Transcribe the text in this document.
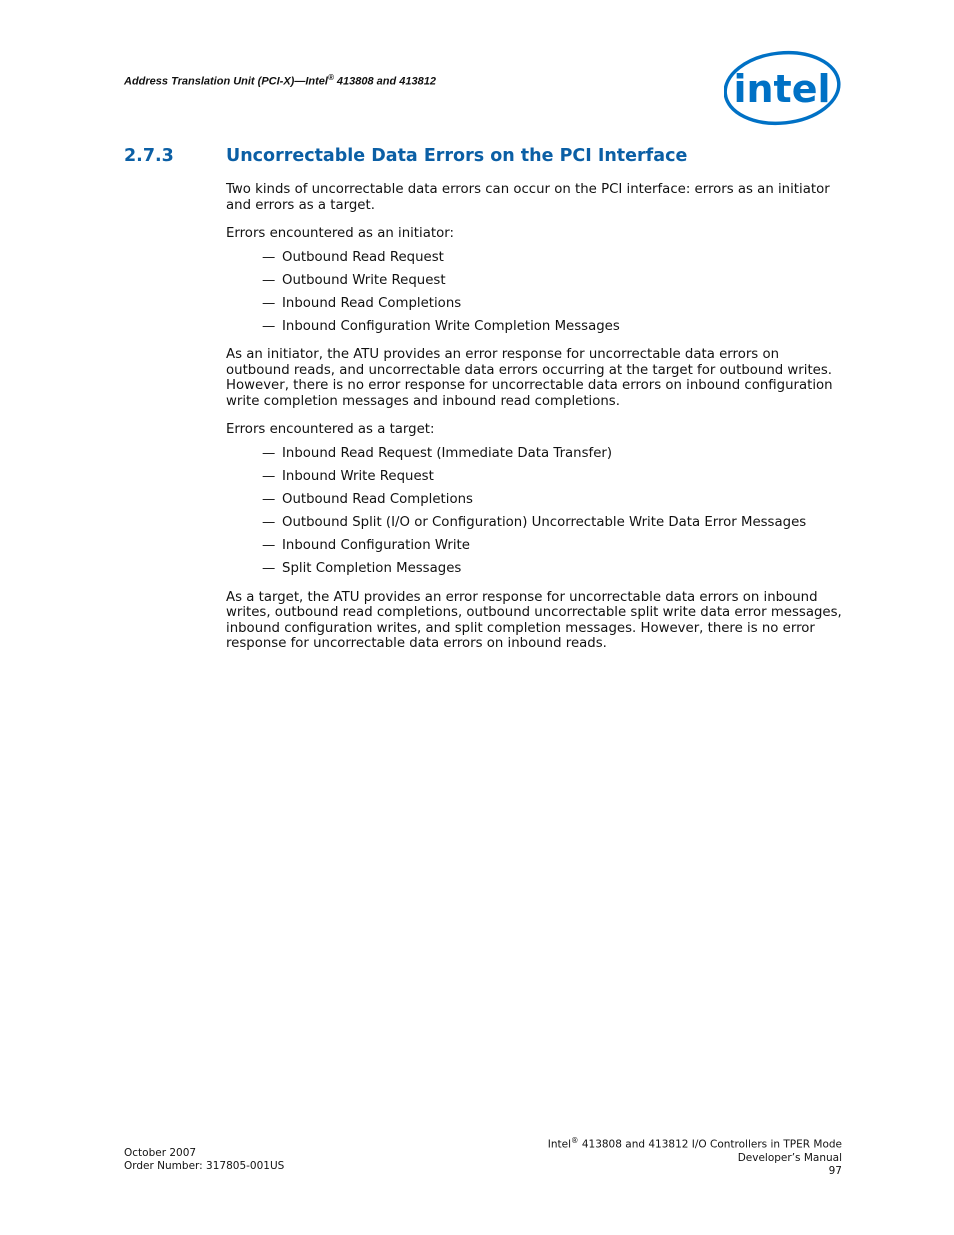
Address Translation Unit (PCI-X)—Intel® 413808 and 413812	intel
2.7.3	Uncorrectable Data Errors on the PCI Interface

Two kinds of uncorrectable data errors can occur on the PCI interface: errors as an initiator and errors as a target.

Errors encountered as an initiator:

— Outbound Read Request
— Outbound Write Request
— Inbound Read Completions
— Inbound Configuration Write Completion Messages

As an initiator, the ATU provides an error response for uncorrectable data errors on outbound reads, and uncorrectable data errors occurring at the target for outbound writes. However, there is no error response for uncorrectable data errors on inbound configuration write completion messages and inbound read completions.

Errors encountered as a target:

— Inbound Read Request (Immediate Data Transfer)
— Inbound Write Request
— Outbound Read Completions
— Outbound Split (I/O or Configuration) Uncorrectable Write Data Error Messages
— Inbound Configuration Write
— Split Completion Messages

As a target, the ATU provides an error response for uncorrectable data errors on inbound writes, outbound read completions, outbound uncorrectable split write data error messages, inbound configuration writes, and split completion messages. However, there is no error response for uncorrectable data errors on inbound reads.

October 2007
Order Number: 317805-001US
Intel® 413808 and 413812 I/O Controllers in TPER Mode
Developer’s Manual
97
